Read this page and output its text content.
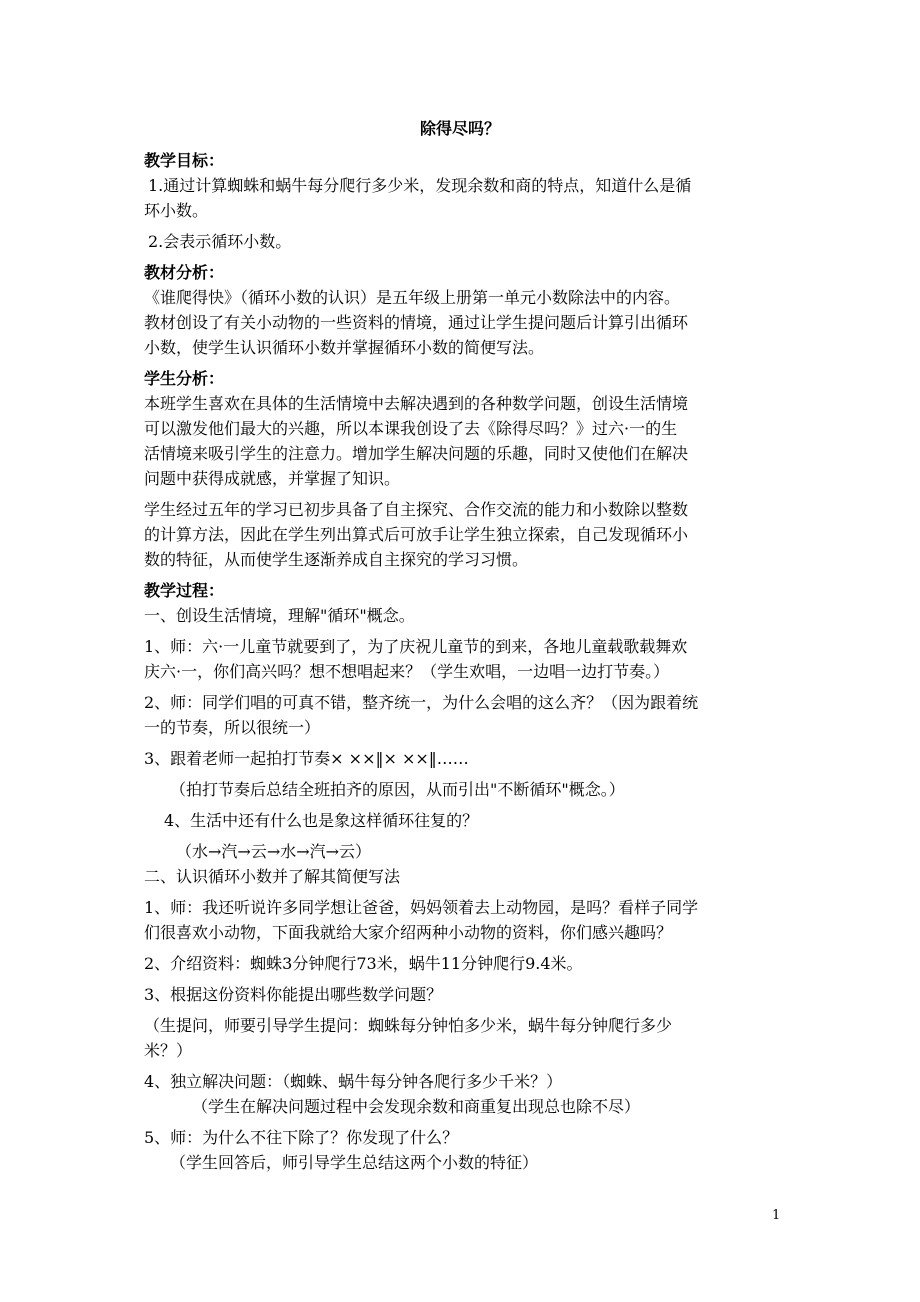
除得尽吗？
教学目标：
1.通过计算蜘蛛和蜗牛每分爬行多少米，发现余数和商的特点，知道什么是循
环小数。
2.会表示循环小数。
教材分析：
《谁爬得快》（循环小数的认识）是五年级上册第一单元小数除法中的内容。
教材创设了有关小动物的一些资料的情境，通过让学生提问题后计算引出循环
小数，使学生认识循环小数并掌握循环小数的简便写法。
学生分析：
本班学生喜欢在具体的生活情境中去解决遇到的各种数学问题，创设生活情境
可以激发他们最大的兴趣，所以本课我创设了去《除得尽吗？》过六·一的生
活情境来吸引学生的注意力。增加学生解决问题的乐趣，同时又使他们在解决
问题中获得成就感，并掌握了知识。
学生经过五年的学习已初步具备了自主探究、合作交流的能力和小数除以整数
的计算方法，因此在学生列出算式后可放手让学生独立探索，自己发现循环小
数的特征，从而使学生逐渐养成自主探究的学习习惯。
教学过程：
一、创设生活情境，理解"循环"概念。
1、师：六·一儿童节就要到了，为了庆祝儿童节的到来，各地儿童载歌载舞欢
庆六·一，你们高兴吗？想不想唱起来？（学生欢唱，一边唱一边打节奏。）
2、师：同学们唱的可真不错，整齐统一，为什么会唱的这么齐？（因为跟着统
一的节奏，所以很统一）
3、跟着老师一起拍打节奏× ××‖× ××‖……
（拍打节奏后总结全班拍齐的原因，从而引出"不断循环"概念。）
4、生活中还有什么也是象这样循环往复的？
（水→汽→云→水→汽→云）
二、认识循环小数并了解其简便写法
1、师：我还听说许多同学想让爸爸，妈妈领着去上动物园，是吗？看样子同学
们很喜欢小动物，下面我就给大家介绍两种小动物的资料，你们感兴趣吗？
2、介绍资料：蜘蛛3分钟爬行73米，蜗牛11分钟爬行9.4米。
3、根据这份资料你能提出哪些数学问题？
（生提问，师要引导学生提问：蜘蛛每分钟怕多少米，蜗牛每分钟爬行多少
米？）
4、独立解决问题：（蜘蛛、蜗牛每分钟各爬行多少千米？）
（学生在解决问题过程中会发现余数和商重复出现总也除不尽）
5、师：为什么不往下除了？你发现了什么？
（学生回答后，师引导学生总结这两个小数的特征）
1
